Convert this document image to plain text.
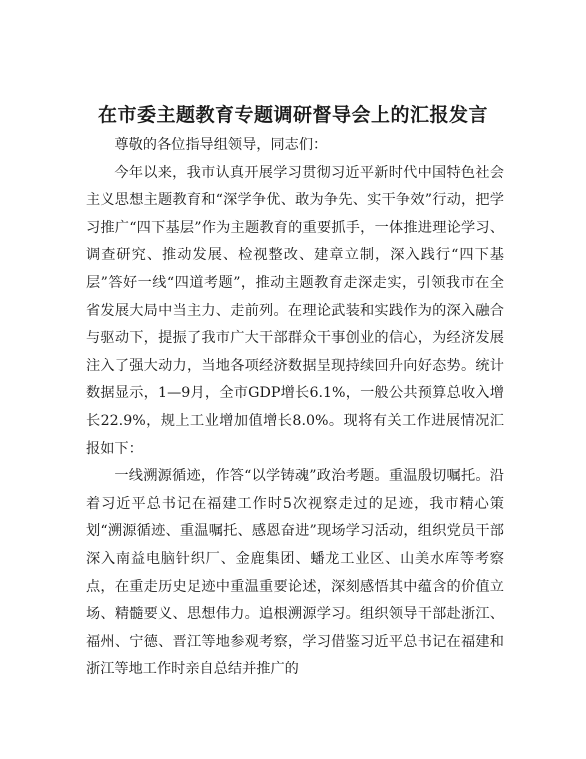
在市委主题教育专题调研督导会上的汇报发言

尊敬的各位指导组领导，同志们：

今年以来，我市认真开展学习贯彻习近平新时代中国特色社会主义思想主题教育和“深学争优、敢为争先、实干争效”行动，把学习推广“四下基层”作为主题教育的重要抓手，一体推进理论学习、调查研究、推动发展、检视整改、建章立制，深入践行“四下基层”答好一线“四道考题”，推动主题教育走深走实，引领我市在全省发展大局中当主力、走前列。在理论武装和实践作为的深入融合与驱动下，提振了我市广大干部群众干事创业的信心，为经济发展注入了强大动力，当地各项经济数据呈现持续回升向好态势。统计数据显示，1—9月，全市GDP增长6.1%，一般公共预算总收入增长22.9%，规上工业增加值增长8.0%。现将有关工作进展情况汇报如下：

一线溯源循迹，作答“以学铸魂”政治考题。重温殷切嘱托。沿着习近平总书记在福建工作时5次视察走过的足迹，我市精心策划“溯源循迹、重温嘱托、感恩奋进”现场学习活动，组织党员干部深入南益电脑针织厂、金鹿集团、蟠龙工业区、山美水库等考察点，在重走历史足迹中重温重要论述，深刻感悟其中蕴含的价值立场、精髓要义、思想伟力。追根溯源学习。组织领导干部赴浙江、福州、宁德、晋江等地参观考察，学习借鉴习近平总书记在福建和浙江等地工作时亲自总结并推广的
